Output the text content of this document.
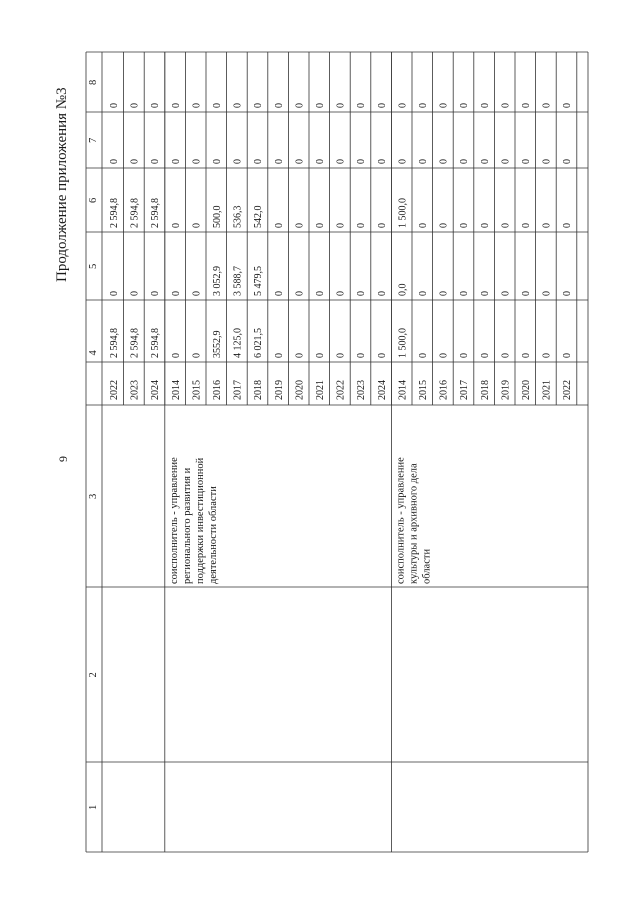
9
Продолжение приложения №3
1
2
3
4
5
6
7
8
2022
2 594,8
0
2 594,8
0
0
2023
2 594,8
0
2 594,8
0
0
2024
2 594,8
0
2 594,8
0
0
2014
0
0
0
0
0
2015
0
0
0
0
0
2016
3552,9
3 052,9
500,0
0
0
2017
4 125,0
3 588,7
536,3
0
0
2018
6 021,5
5 479,5
542,0
0
0
2019
0
0
0
0
0
2020
0
0
0
0
0
2021
0
0
0
0
0
2022
0
0
0
0
0
2023
0
0
0
0
0
2024
0
0
0
0
0
2014
1 500,0
0,0
1 500,0
0
0
2015
0
0
0
0
0
2016
0
0
0
0
0
2017
0
0
0
0
0
2018
0
0
0
0
0
2019
0
0
0
0
0
2020
0
0
0
0
0
2021
0
0
0
0
0
2022
0
0
0
0
0
соисполнитель - управление регионального развития и поддержки инвестиционной деятельности области	соисполнитель - управление культуры и архивного дела области
